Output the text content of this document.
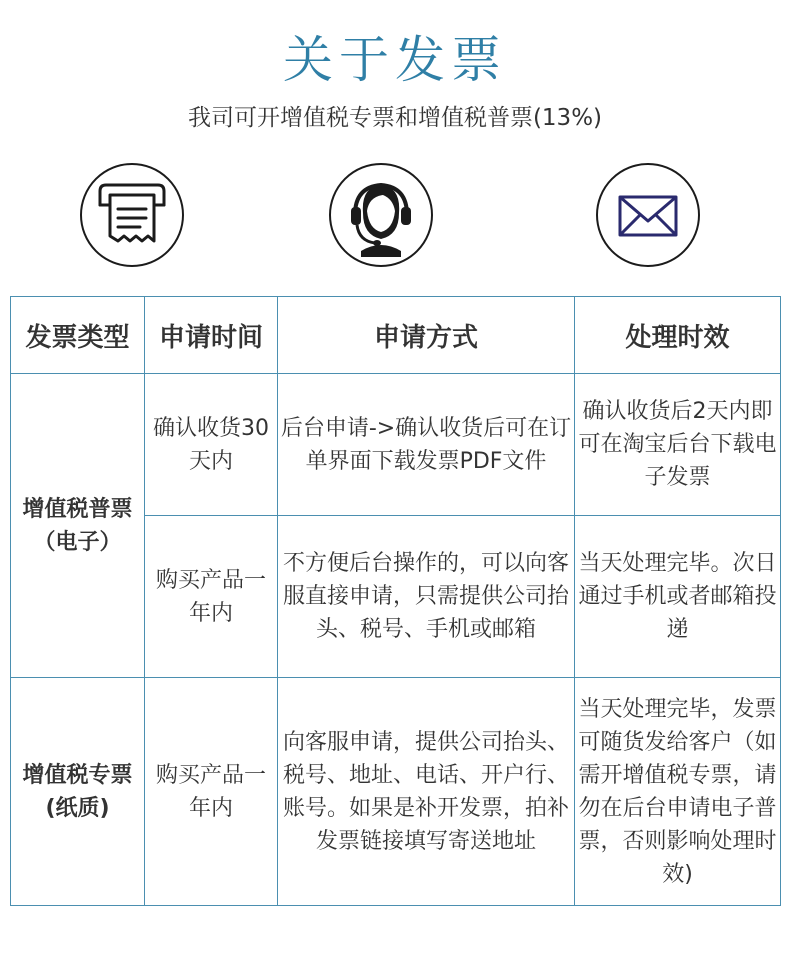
关于发票
我司可开增值税专票和增值税普票(13%)
发票类型	申请时间	申请方式	处理时效
增值税普票（电子）	确认收货30天内	后台申请->确认收货后可在订单界面下载发票PDF文件	确认收货后2天内即可在淘宝后台下载电子发票
	购买产品一年内	不方便后台操作的，可以向客服直接申请，只需提供公司抬头、税号、手机或邮箱	当天处理完毕。次日通过手机或者邮箱投递
增值税专票(纸质)	购买产品一年内	向客服申请，提供公司抬头、税号、地址、电话、开户行、账号。如果是补开发票，拍补发票链接填写寄送地址	当天处理完毕，发票可随货发给客户（如需开增值税专票，请勿在后台申请电子普票，否则影响处理时效)
